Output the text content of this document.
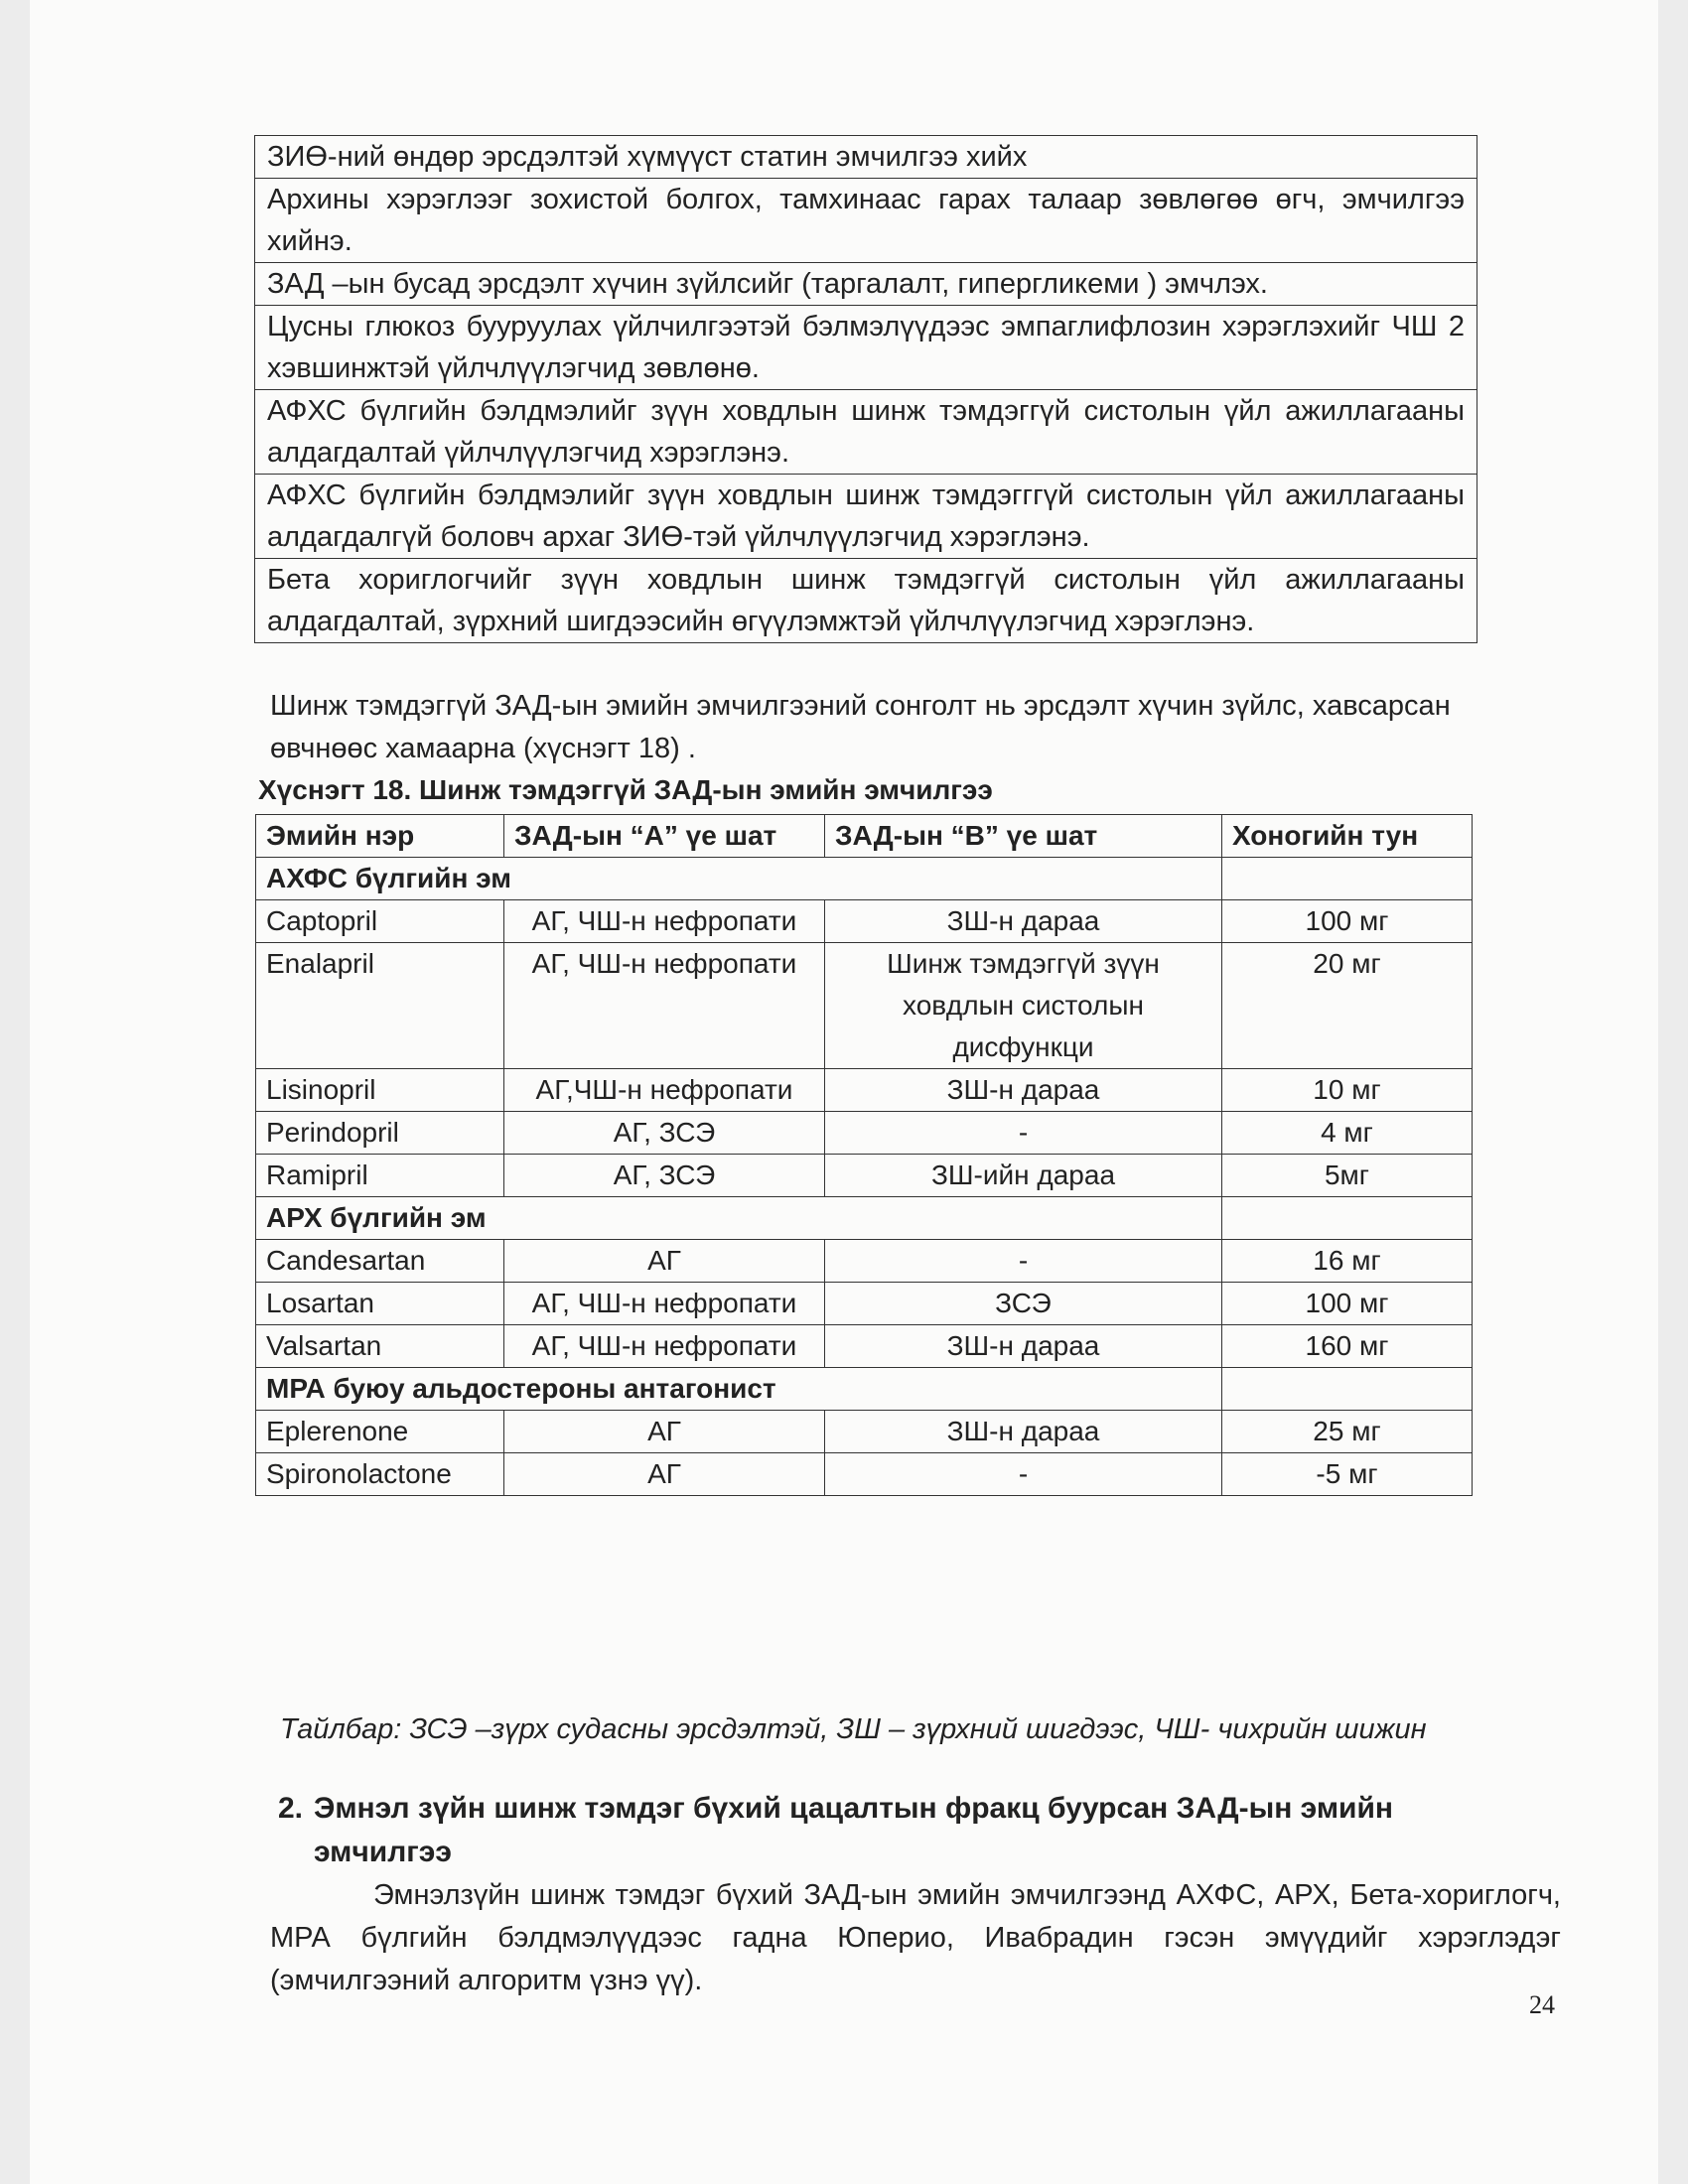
ЗИӨ-ний өндөр эрсдэлтэй хүмүүст статин эмчилгээ хийх
Архины хэрэглээг зохистой болгох, тамхинаас гарах талаар зөвлөгөө өгч, эмчилгээ хийнэ.
ЗАД –ын бусад эрсдэлт хүчин зүйлсийг (таргалалт, гипергликеми ) эмчлэх.
Цусны глюкоз бууруулах үйлчилгээтэй бэлмэлүүдээс эмпаглифлозин хэрэглэхийг ЧШ 2 хэвшинжтэй үйлчлүүлэгчид зөвлөнө.
АФХС бүлгийн бэлдмэлийг зүүн ховдлын шинж тэмдэггүй систолын үйл ажиллагааны алдагдалтай үйлчлүүлэгчид хэрэглэнэ.
АФХС бүлгийн бэлдмэлийг зүүн ховдлын шинж тэмдэгггүй систолын үйл ажиллагааны алдагдалгүй боловч архаг ЗИӨ-тэй үйлчлүүлэгчид хэрэглэнэ.
Бета хориглогчийг зүүн ховдлын шинж тэмдэггүй систолын үйл ажиллагааны алдагдалтай, зүрхний шигдээсийн өгүүлэмжтэй үйлчлүүлэгчид хэрэглэнэ.
Шинж тэмдэггүй ЗАД-ын эмийн эмчилгээний сонголт нь эрсдэлт хүчин зүйлс, хавсарсан өвчнөөс хамаарна (хүснэгт 18) .
Хүснэгт 18. Шинж тэмдэггүй ЗАД-ын эмийн эмчилгээ
Эмийн нэр	ЗАД-ын “А” үе шат	ЗАД-ын “В” үе шат	Хоногийн тун
АХФС бүлгийн эм			
Captopril	АГ, ЧШ-н нефропати	ЗШ-н дараа	100 мг
Enalapril	АГ, ЧШ-н нефропати	Шинж тэмдэггүй зүүн ховдлын систолын дисфункци	20 мг
Lisinopril	АГ,ЧШ-н нефропати	ЗШ-н дараа	10 мг
Perindopril	АГ, ЗСЭ	-	4 мг
Ramipril	АГ, ЗСЭ	ЗШ-ийн дараа	5мг
АРХ бүлгийн эм			
Candesartan	АГ	-	16 мг
Losartan	АГ, ЧШ-н нефропати	ЗСЭ	100 мг
Valsartan	АГ, ЧШ-н нефропати	ЗШ-н дараа	160 мг
МРА буюу альдостероны антагонист			
Eplerenone	АГ	ЗШ-н дараа	25 мг
Spironolactone	АГ	-	-5 мг
Тайлбар: ЗСЭ –зүрх судасны эрсдэлтэй, ЗШ – зүрхний шигдээс, ЧШ- чихрийн шижин
2. Эмнэл зүйн шинж тэмдэг бүхий цацалтын фракц буурсан ЗАД-ын эмийн
эмчилгээ
Эмнэлзүйн шинж тэмдэг бүхий ЗАД-ын эмийн эмчилгээнд АХФС, АРХ, Бета-хориглогч, МРА бүлгийн бэлдмэлүүдээс гадна Юперио, Ивабрадин гэсэн эмүүдийг хэрэглэдэг (эмчилгээний алгоритм үзнэ үү).
24
